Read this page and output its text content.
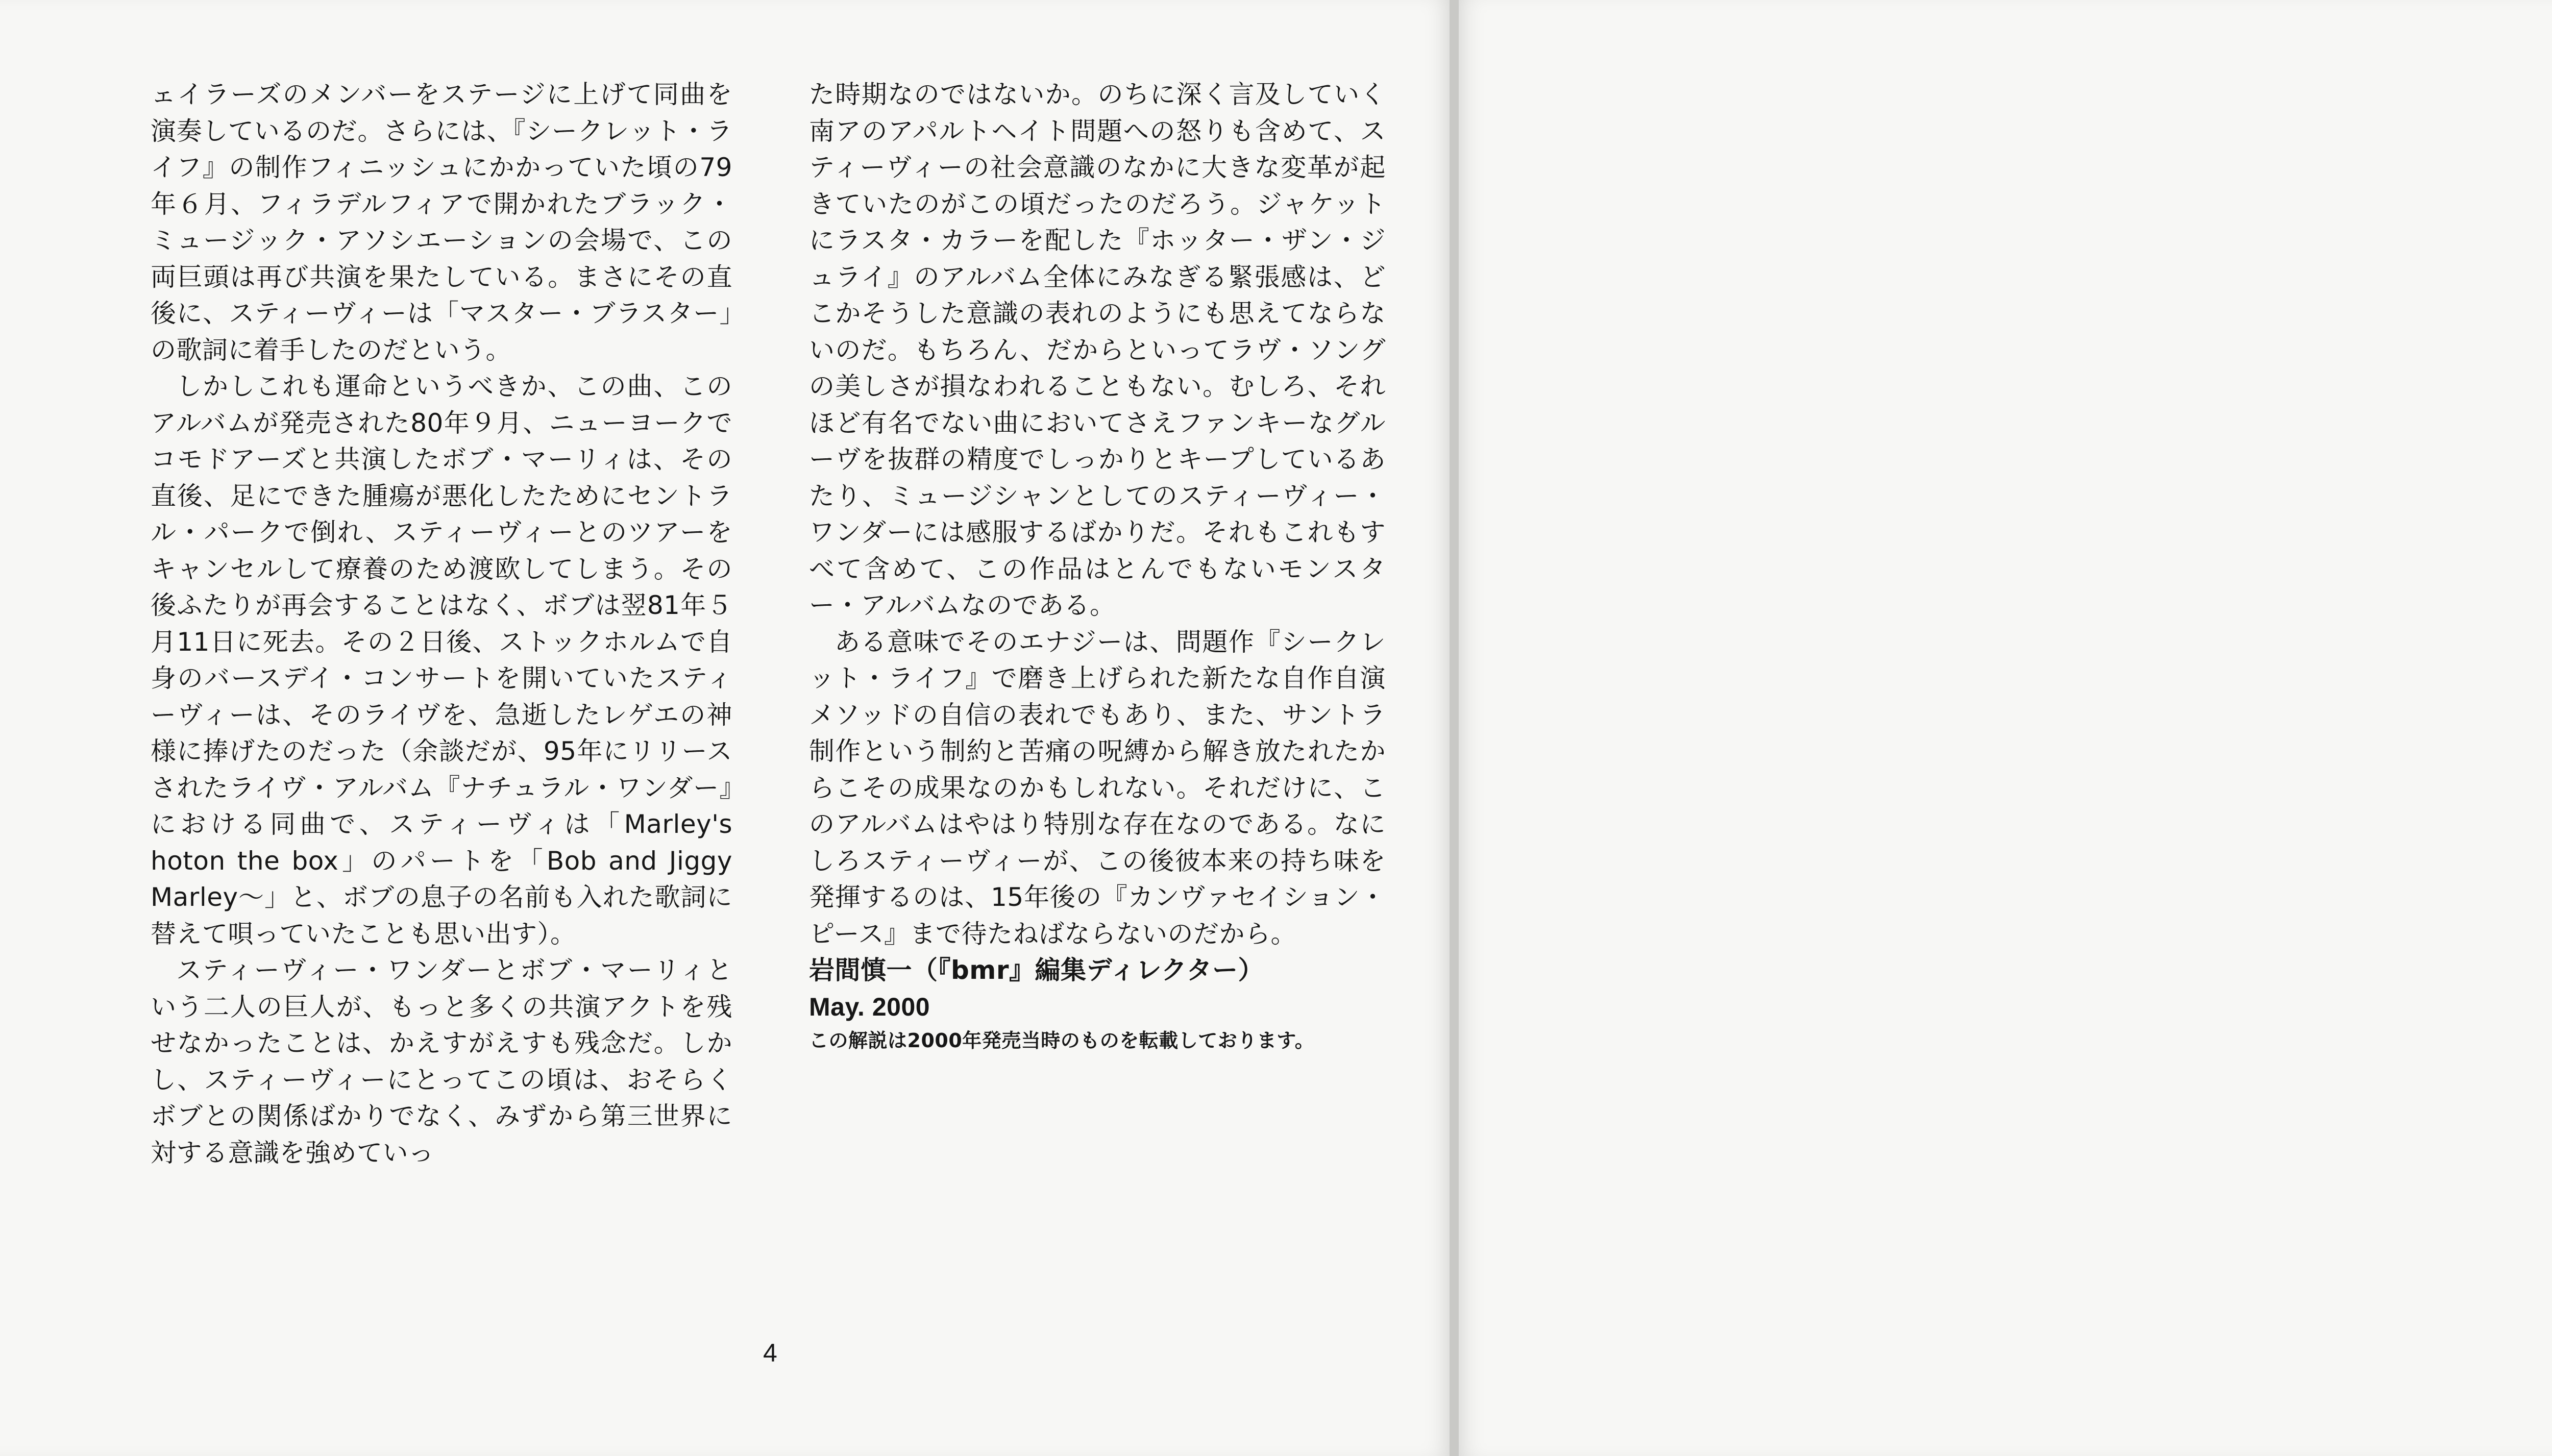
ェイラーズのメンバーをステージに上げて同曲を演奏しているのだ。さらには、『シークレット・ライフ』の制作フィニッシュにかかっていた頃の79年６月、フィラデルフィアで開かれたブラック・ミュージック・アソシエーションの会場で、この両巨頭は再び共演を果たしている。まさにその直後に、スティーヴィーは「マスター・ブラスター」の歌詞に着手したのだという。

しかしこれも運命というべきか、この曲、このアルバムが発売された80年９月、ニューヨークでコモドアーズと共演したボブ・マーリィは、その直後、足にできた腫瘍が悪化したためにセントラル・パークで倒れ、スティーヴィーとのツアーをキャンセルして療養のため渡欧してしまう。その後ふたりが再会することはなく、ボブは翌81年５月11日に死去。その２日後、ストックホルムで自身のバースデイ・コンサートを開いていたスティーヴィーは、そのライヴを、急逝したレゲエの神様に捧げたのだった（余談だが、95年にリリースされたライヴ・アルバム『ナチュラル・ワンダー』における同曲で、スティーヴィは「Marley's hoton the box」のパートを「Bob and Jiggy Marley〜」と、ボブの息子の名前も入れた歌詞に替えて唄っていたことも思い出す）。

スティーヴィー・ワンダーとボブ・マーリィという二人の巨人が、もっと多くの共演アクトを残せなかったことは、かえすがえすも残念だ。しかし、スティーヴィーにとってこの頃は、おそらくボブとの関係ばかりでなく、みずから第三世界に対する意識を強めていっ

た時期なのではないか。のちに深く言及していく南アのアパルトヘイト問題への怒りも含めて、スティーヴィーの社会意識のなかに大きな変革が起きていたのがこの頃だったのだろう。ジャケットにラスタ・カラーを配した『ホッター・ザン・ジュライ』のアルバム全体にみなぎる緊張感は、どこかそうした意識の表れのようにも思えてならないのだ。もちろん、だからといってラヴ・ソングの美しさが損なわれることもない。むしろ、それほど有名でない曲においてさえファンキーなグルーヴを抜群の精度でしっかりとキープしているあたり、ミュージシャンとしてのスティーヴィー・ワンダーには感服するばかりだ。それもこれもすべて含めて、この作品はとんでもないモンスター・アルバムなのである。

ある意味でそのエナジーは、問題作『シークレット・ライフ』で磨き上げられた新たな自作自演メソッドの自信の表れでもあり、また、サントラ制作という制約と苦痛の呪縛から解き放たれたからこその成果なのかもしれない。それだけに、このアルバムはやはり特別な存在なのである。なにしろスティーヴィーが、この後彼本来の持ち味を発揮するのは、15年後の『カンヴァセイション・ピース』まで待たねばならないのだから。

岩間慎一（『bmr』編集ディレクター）

May. 2000

この解説は2000年発売当時のものを転載しております。

4
